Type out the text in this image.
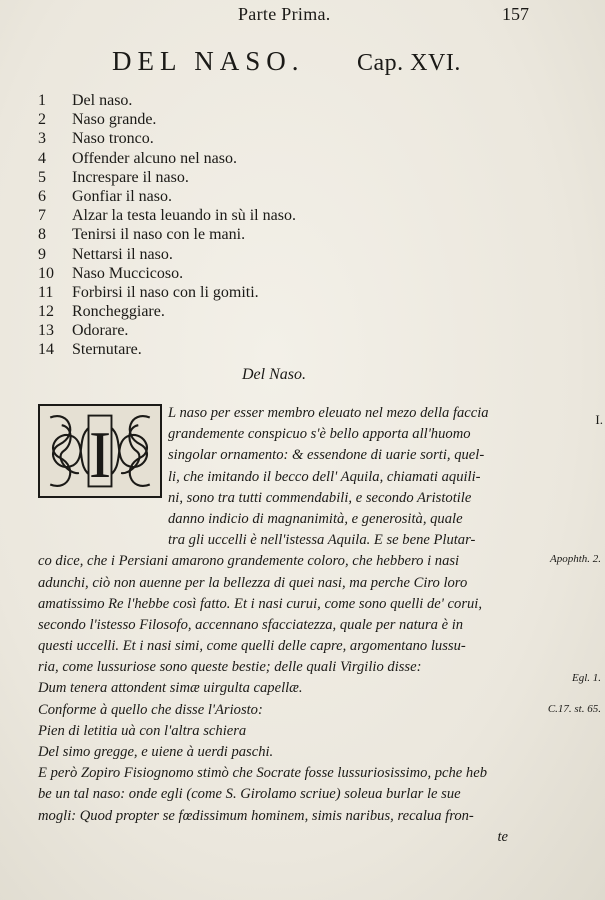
Parte Prima.	157
DEL NASO. Cap. XVI.
1 Del naso.
2 Naso grande.
3 Naso tronco.
4 Offender alcuno nel naso.
5 Increspare il naso.
6 Gonfiar il naso.
7 Alzar la testa leuando in sù il naso.
8 Tenirsi il naso con le mani.
9 Nettarsi il naso.
10 Naso Muccicoso.
11 Forbirsi il naso con li gomiti.
12 Roncheggiare.
13 Odorare.
14 Sternutare.
Del Naso.
I
L naso per esser membro eleuato nel mezo della faccia
grandemente conspicuo s'è bello apporta all'huomo
singolar ornamento: & essendone di uarie sorti, quel-
li, che imitando il becco dell' Aquila, chiamati aquili-
ni, sono tra tutti commendabili, e secondo Aristotile
danno indicio di magnanimità, e generosità, quale
tra gli uccelli è nell'istessa Aquila. E se bene Plutar-
co dice, che i Persiani amarono grandemente coloro, che hebbero i nasi
adunchi, ciò non auenne per la bellezza di quei nasi, ma perche Ciro loro
amatissimo Re l'hebbe così fatto. Et i nasi curui, come sono quelli de' corui,
secondo l'istesso Filosofo, accennano sfacciatezza, quale per natura è in
questi uccelli. Et i nasi simi, come quelli delle capre, argomentano lussu-
ria, come lussuriose sono queste bestie; delle quali Virgilio disse:
Dum tenera attondent simæ uirgulta capellæ.
Conforme à quello che disse l'Ariosto:
Pien di letitia uà con l'altra schiera
Del simo gregge, e uiene à uerdi paschi.
E però Zopiro Fisiognomo stimò che Socrate fosse lussuriosissimo, pche heb
be un tal naso: onde egli (come S. Girolamo scriue) soleua burlar le sue
mogli: Quod propter se fœdissimum hominem, simis naribus, recalua fron-
te
I.
Apophth. 2.
Egl. 1.
C.17. st. 65.
